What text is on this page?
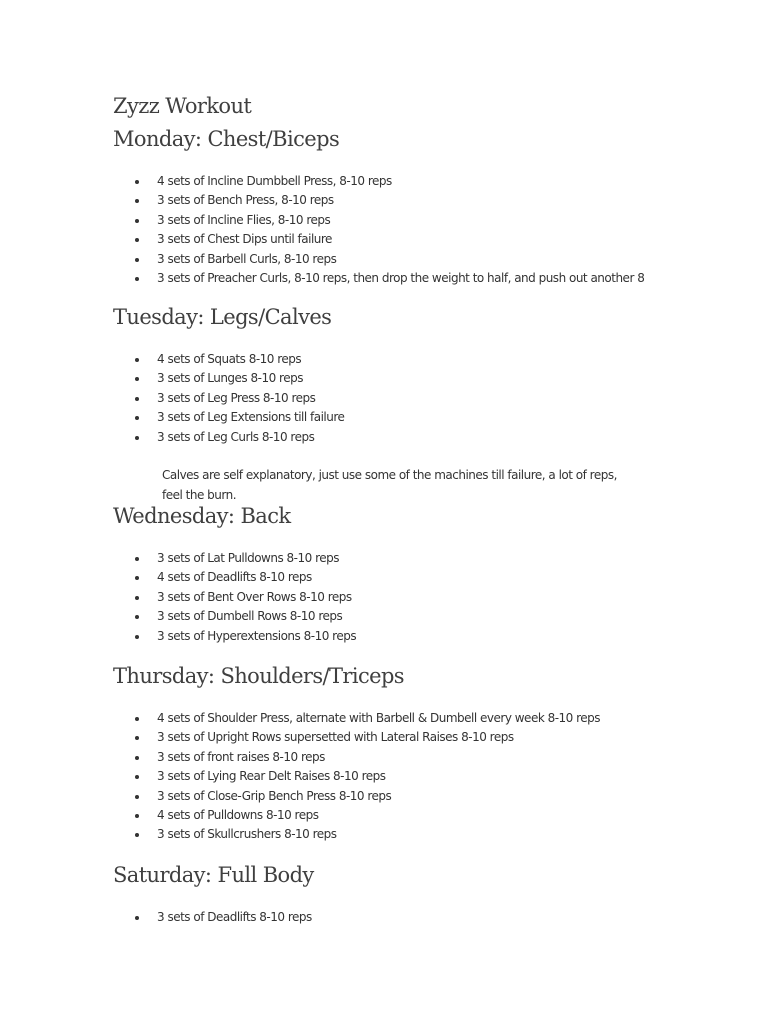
Zyzz Workout
Monday: Chest/Biceps
4 sets of Incline Dumbbell Press, 8-10 reps
3 sets of Bench Press, 8-10 reps
3 sets of Incline Flies, 8-10 reps
3 sets of Chest Dips until failure
3 sets of Barbell Curls, 8-10 reps
3 sets of Preacher Curls, 8-10 reps, then drop the weight to half, and push out another 8
Tuesday: Legs/Calves
4 sets of Squats 8-10 reps
3 sets of Lunges 8-10 reps
3 sets of Leg Press 8-10 reps
3 sets of Leg Extensions till failure
3 sets of Leg Curls 8-10 reps

Calves are self explanatory, just use some of the machines till failure, a lot of reps, feel the burn.

Wednesday: Back
3 sets of Lat Pulldowns 8-10 reps
4 sets of Deadlifts 8-10 reps
3 sets of Bent Over Rows 8-10 reps
3 sets of Dumbell Rows 8-10 reps
3 sets of Hyperextensions 8-10 reps
Thursday: Shoulders/Triceps
4 sets of Shoulder Press, alternate with Barbell & Dumbell every week 8-10 reps
3 sets of Upright Rows supersetted with Lateral Raises 8-10 reps
3 sets of front raises 8-10 reps
3 sets of Lying Rear Delt Raises 8-10 reps
3 sets of Close-Grip Bench Press 8-10 reps
4 sets of Pulldowns 8-10 reps
3 sets of Skullcrushers 8-10 reps
Saturday: Full Body
3 sets of Deadlifts 8-10 reps
